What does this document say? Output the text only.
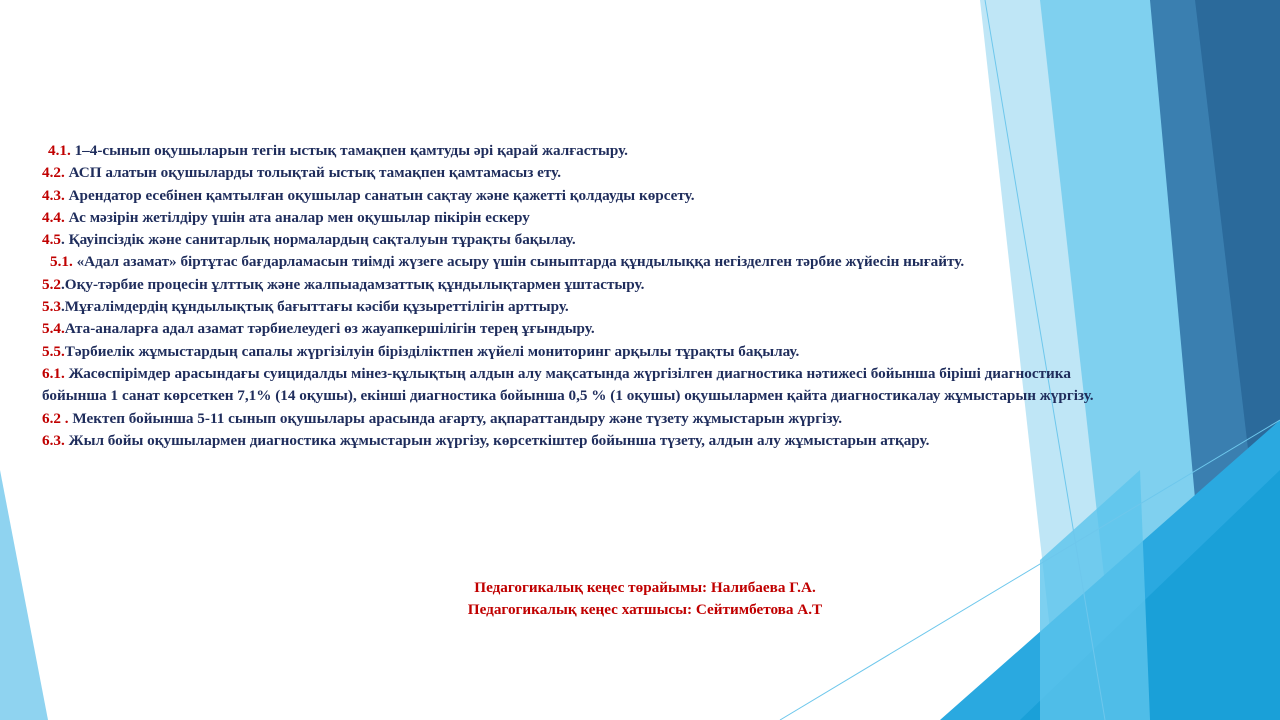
4.1. 1–4-сынып оқушыларын тегін ыстық тамақпен қамтуды әрі қарай жалғастыру.
4.2. АСП алатын оқушыларды толықтай ыстық тамақпен қамтамасыз ету.
4.3. Арендатор есебінен қамтылған оқушылар санатын сақтау және қажетті қолдауды көрсету.
4.4. Ас мәзірін жетілдіру үшін ата аналар мен оқушылар пікірін ескеру
4.5. Қауіпсіздік және санитарлық нормалардың сақталуын тұрақты бақылау.
5.1. «Адал азамат» біртұтас бағдарламасын тиімді жүзеге асыру үшін сыныптарда құндылыққа негізделген тәрбие жүйесін нығайту.
5.2.Оқу-тәрбие процесін ұлттық және жалпыадамзаттық құндылықтармен ұштастыру.
5.3.Мұғалімдердің құндылықтық бағыттағы кәсіби құзыреттілігін арттыру.
5.4.Ата-аналарға адал азамат тәрбиелеудегі өз жауапкершілігін терең ұғындыру.
5.5.Тәрбиелік жұмыстардың сапалы жүргізілуін бірізділіктпен жүйелі мониторинг арқылы тұрақты бақылау.
6.1. Жасөспірімдер арасындағы суицидалды мінез-құлықтың алдын алу мақсатында жүргізілген диагностика нәтижесі бойынша біріші диагностика бойынша 1 санат көрсеткен 7,1% (14 оқушы), екінші диагностика бойынша 0,5 % (1 оқушы) оқушылармен қайта диагностикалау жұмыстарын жүргізу.
6.2 . Мектеп бойынша 5-11 сынып оқушылары арасында ағарту, ақпараттандыру және түзету жұмыстарын жүргізу.
6.3. Жыл бойы оқушылармен диагностика жұмыстарын жүргізу, көрсеткіштер бойынша түзету, алдын алу жұмыстарын атқару.
Педагогикалық кеңес төрайымы: Налибаева Г.А.
Педагогикалық кеңес хатшысы: Сейтимбетова А.Т
